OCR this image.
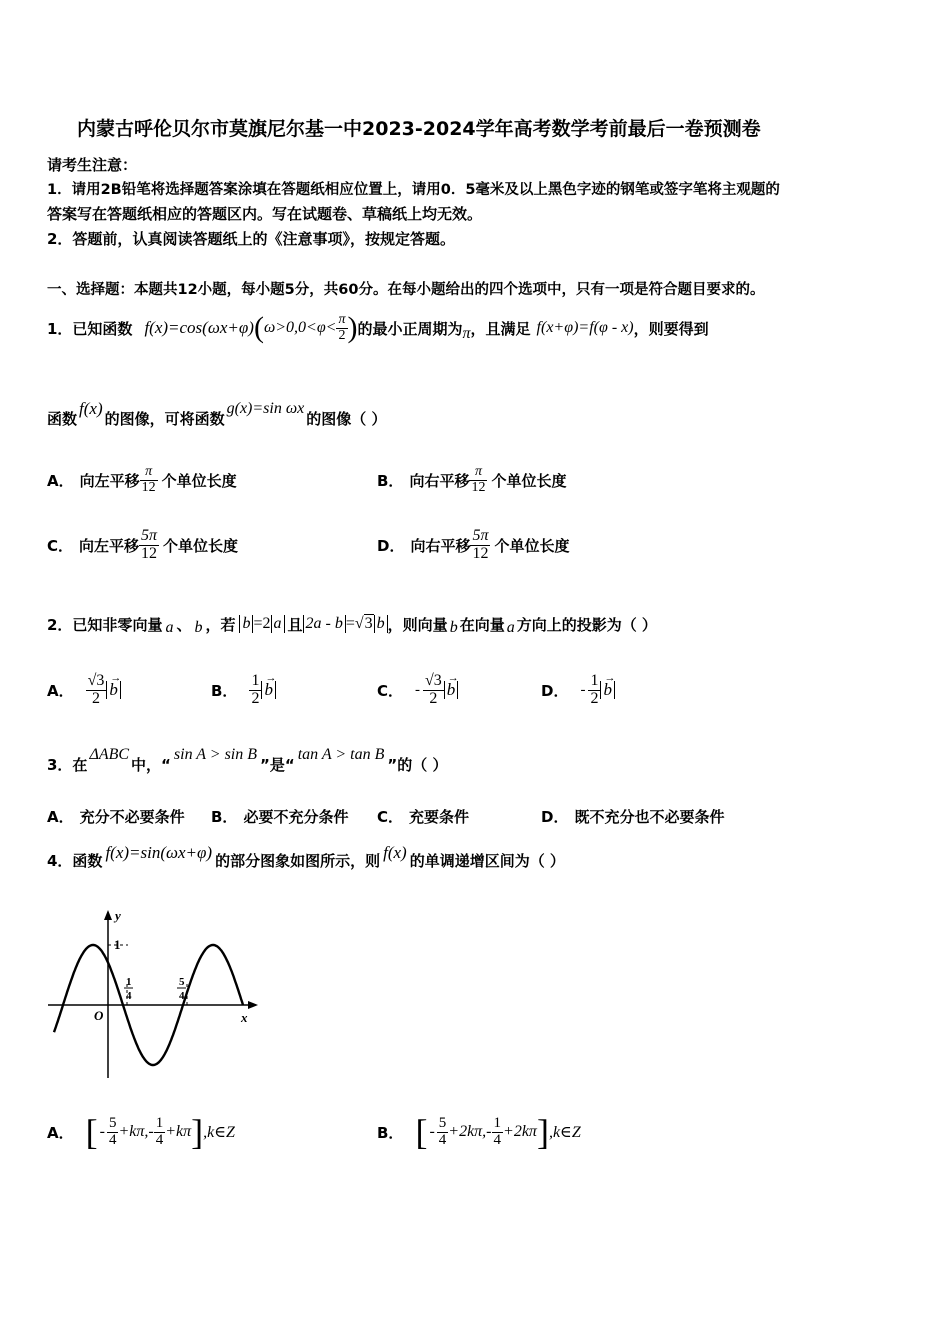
内蒙古呼伦贝尔市莫旗尼尔基一中2023-2024学年高考数学考前最后一卷预测卷
请考生注意：
1．请用2B铅笔将选择题答案涂填在答题纸相应位置上，请用0．5毫米及以上黑色字迹的钢笔或签字笔将主观题的
答案写在答题纸相应的答题区内。写在试题卷、草稿纸上均无效。
2．答题前，认真阅读答题纸上的《注意事项》，按规定答题。
一、选择题：本题共12小题，每小题5分，共60分。在每小题给出的四个选项中，只有一项是符合题目要求的。
1．已知函数 f(x)=cos(ωx+φ) ( $\omega>0,0<\varphi< \frac{\pi}{2}$ ) 的最小正周期为 π ，且满足 f(x+φ)=f(φ - x) ，则要得到
函数
f(x)
的图像，可将函数
g(x)=sin ωx
的图像（ ）
A． 向左平移 $\frac{\pi}{12}$ 个单位长度	B． 向右平移 $\frac{\pi}{12}$ 个单位长度
C． 向左平移 $\frac{5\pi}{12}$ 个单位长度	D． 向右平移 $\frac{5\pi}{12}$ 个单位长度
2．已知非零向量 a 、 b ，若 b =2 a 且 2a - b =√3 b ，则向量 b 在向量 a 方向上的投影为（ ）
A． $\frac{√3}{2}$ b
→
B． $\frac{1}{2}$ b
→
C． - $\frac{√3}{2}$ b
→
D． - $\frac{1}{2}$ b
→
3．在
ΔABC
中，“
sin A > sin B
”是“
tan A > tan B
”的（ ）
A． 充分不必要条件 B． 必要不充分条件 C． 充要条件	D． 既不充分也不必要条件
4．函数 f(x)=sin(ωx+φ) 的部分图象如图所示，则 f(x) 的单调递增区间为（ ）
y
x
O
1
1
4
5
4
A． [ - $\frac{5}{4} +k\pi,- \frac{1}{4} +k\pi$ ] ,k∈Z	B． [ - $\frac{5}{4} +2k\pi,- \frac{1}{4} +2k\pi$ ] ,k∈Z
